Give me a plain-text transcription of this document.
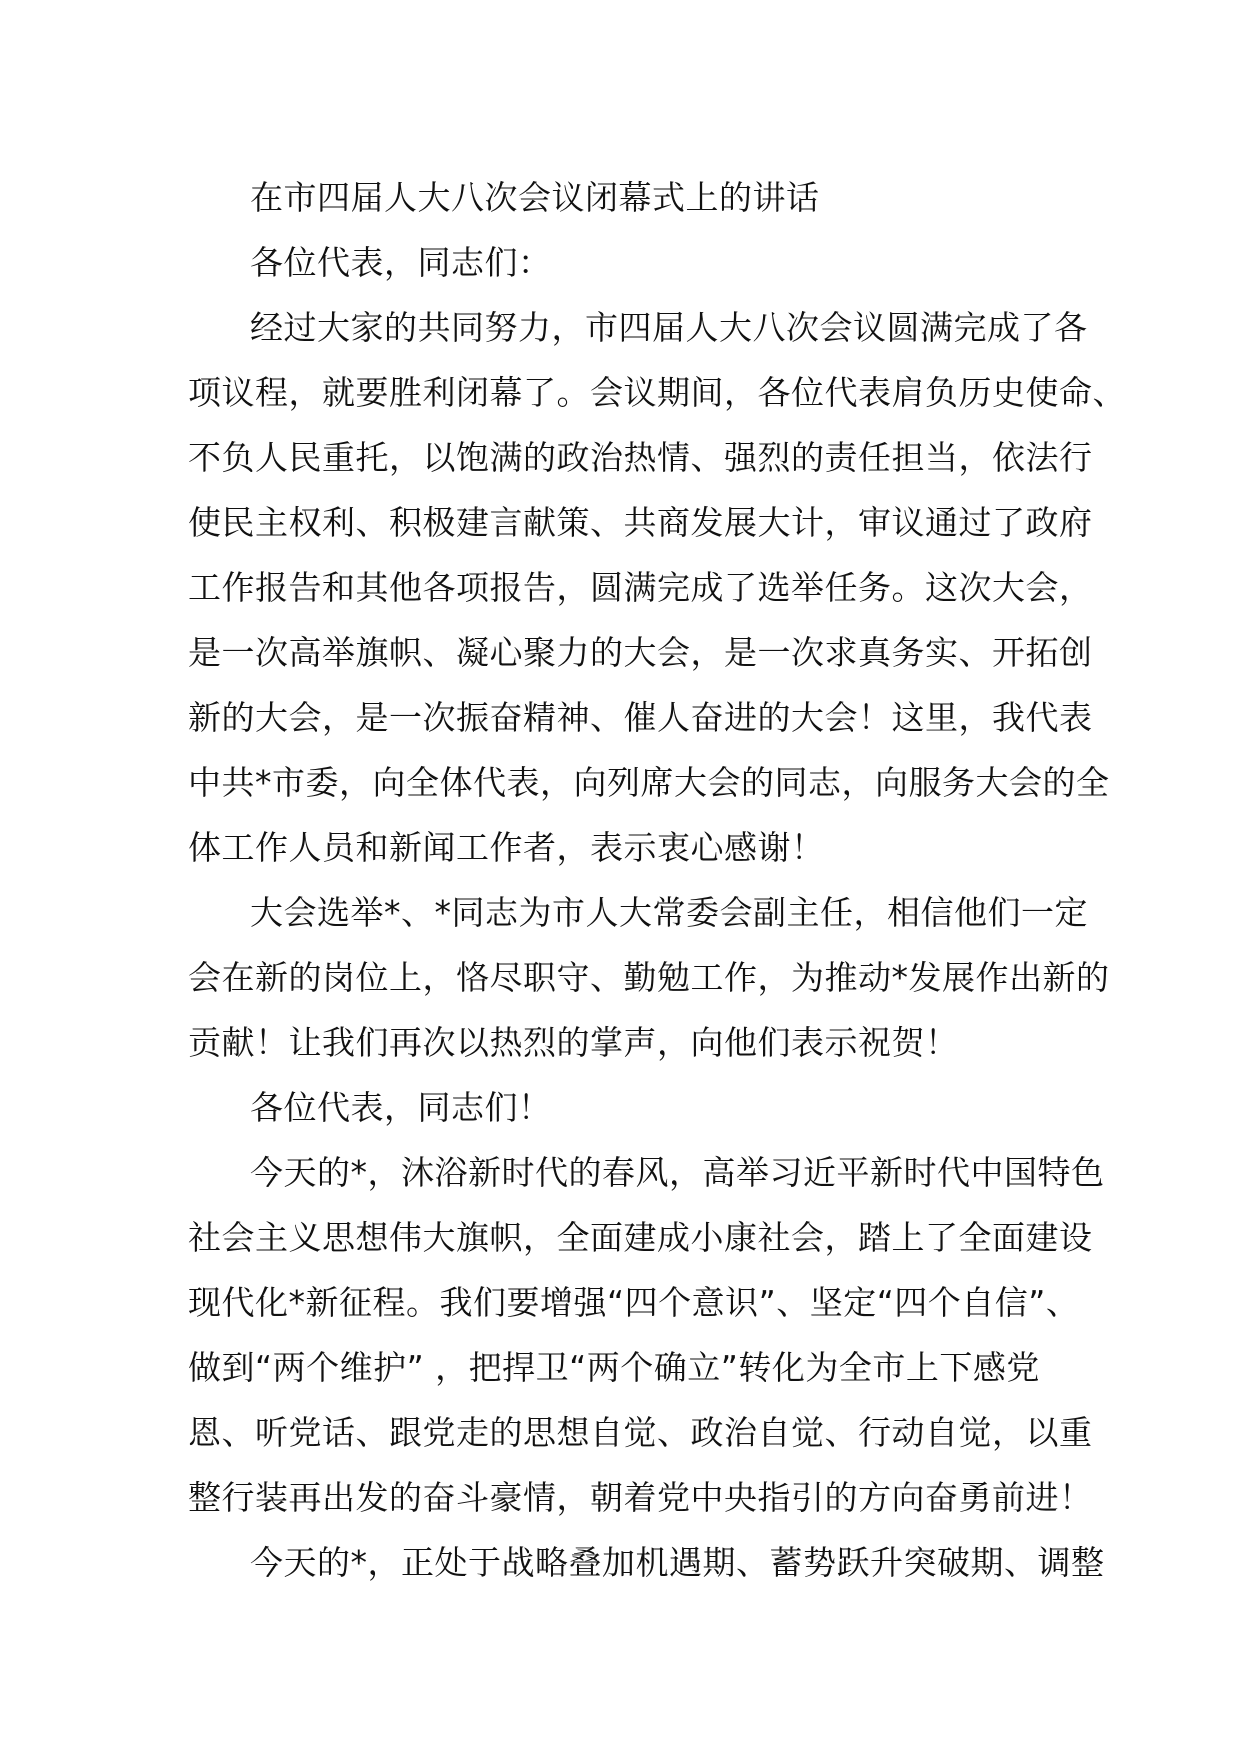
在市四届人大八次会议闭幕式上的讲话
各位代表，同志们：
经过大家的共同努力，市四届人大八次会议圆满完成了各
项议程，就要胜利闭幕了。会议期间，各位代表肩负历史使命、
不负人民重托，以饱满的政治热情、强烈的责任担当，依法行
使民主权利、积极建言献策、共商发展大计，审议通过了政府
工作报告和其他各项报告，圆满完成了选举任务。这次大会，
是一次高举旗帜、凝心聚力的大会，是一次求真务实、开拓创
新的大会，是一次振奋精神、催人奋进的大会！这里，我代表
中共*市委，向全体代表，向列席大会的同志，向服务大会的全
体工作人员和新闻工作者，表示衷心感谢！
大会选举*、*同志为市人大常委会副主任，相信他们一定
会在新的岗位上，恪尽职守、勤勉工作，为推动*发展作出新的
贡献！让我们再次以热烈的掌声，向他们表示祝贺！
各位代表，同志们！
今天的*，沐浴新时代的春风，高举习近平新时代中国特色
社会主义思想伟大旗帜，全面建成小康社会，踏上了全面建设
现代化*新征程。我们要增强“四个意识”、坚定“四个自信”、
做到“两个维护” ，把捍卫“两个确立”转化为全市上下感党
恩、听党话、跟党走的思想自觉、政治自觉、行动自觉，以重
整行装再出发的奋斗豪情，朝着党中央指引的方向奋勇前进！
今天的*，正处于战略叠加机遇期、蓄势跃升突破期、调整
